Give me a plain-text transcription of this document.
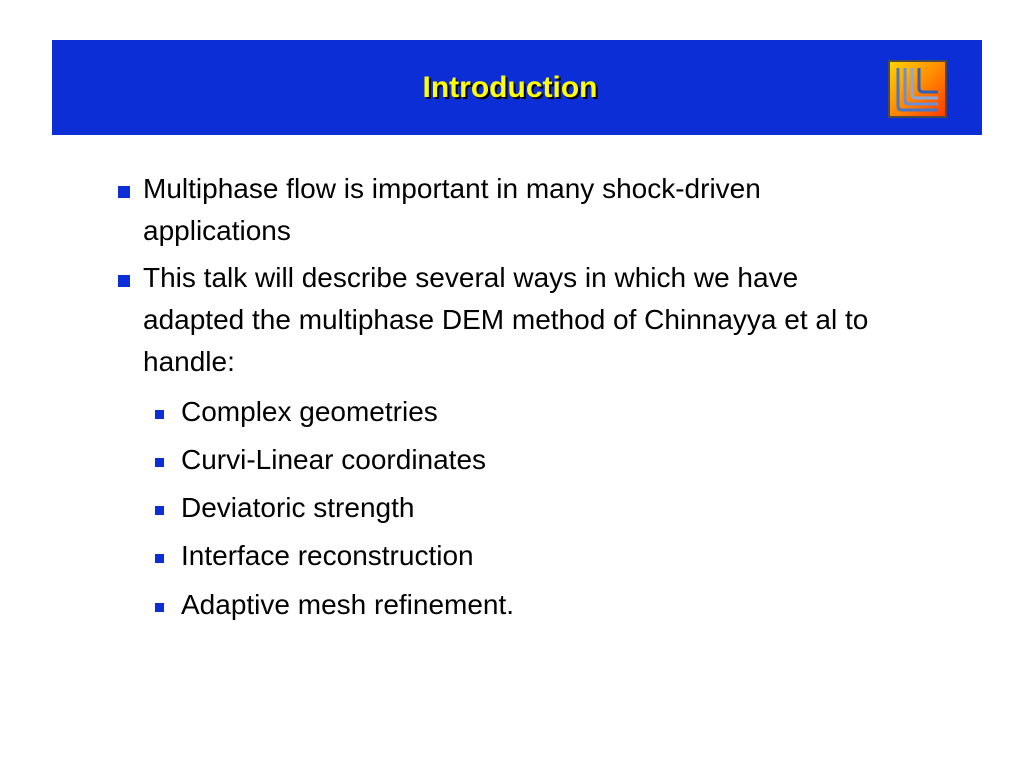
Introduction
Multiphase flow is important in many shock-driven applications
This talk will describe several ways in which we have adapted the multiphase DEM method of Chinnayya et al to handle:
Complex geometries
Curvi-Linear coordinates
Deviatoric strength
Interface reconstruction
Adaptive mesh refinement.
